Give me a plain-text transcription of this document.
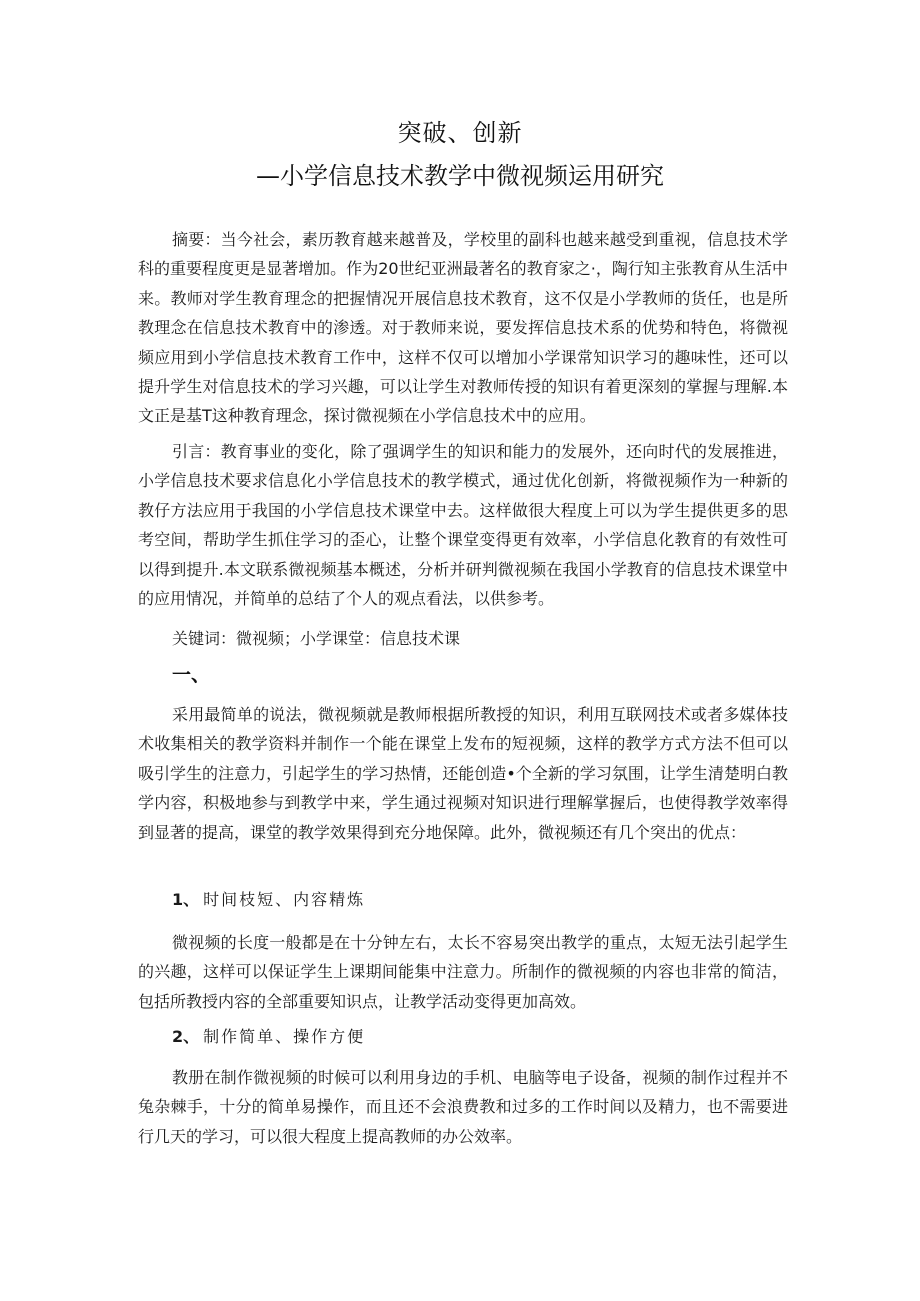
突破、创新
—小学信息技术教学中微视频运用研究

摘要：当今社会，素历教育越来越普及，学校里的副科也越来越受到重视，信息技术学科的重要程度更是显著增加。作为20世纪亚洲最著名的教育家之·，陶行知主张教育从生活中来。教师对学生教育理念的把握情况开展信息技术教育，这不仅是小学教师的货任，也是所教理念在信息技术教育中的渗透。对于教师来说，要发挥信息技术系的优势和特色，将微视频应用到小学信息技术教育工作中，这样不仅可以增加小学课常知识学习的趣味性，还可以提升学生对信息技术的学习兴趣，可以让学生对教师传授的知识有着更深刻的掌握与理解.本文正是基T这种教育理念，探讨微视频在小学信息技术中的应用。

引言：教育事业的变化，除了强调学生的知识和能力的发展外，还向时代的发展推进，小学信息技术要求信息化小学信息技术的教学模式，通过优化创新，将微视频作为一种新的教仔方法应用于我国的小学信息技术课堂中去。这样做很大程度上可以为学生提供更多的思考空间，帮助学生抓住学习的歪心，让整个课堂变得更有效率，小学信息化教育的有效性可以得到提升.本文联系微视频基本概述，分析并研判微视频在我国小学教育的信息技术课堂中的应用情况，并简单的总结了个人的观点看法，以供参考。

关键词：微视频；小学课堂：信息技术课

一、

采用最简单的说法，微视频就是教师根据所教授的知识，利用互联网技术或者多媒体技术收集相关的教学资料并制作一个能在课堂上发布的短视频，这样的教学方式方法不但可以吸引学生的注意力，引起学生的学习热情，还能创造•个全新的学习氛围，让学生清楚明白教学内容，积极地参与到教学中来，学生通过视频对知识进行理解掌握后，也使得教学效率得到显著的提高，课堂的教学效果得到充分地保障。此外，微视频还有几个突出的优点：

1、 时间枝短、内容精炼

微视频的长度一般都是在十分钟左右，太长不容易突出教学的重点，太短无法引起学生的兴趣，这样可以保证学生上课期间能集中注意力。所制作的微视频的内容也非常的简洁，包括所教授内容的全部重要知识点，让教学活动变得更加高效。

2、 制作简单、操作方便

教册在制作微视频的时候可以利用身边的手机、电脑等电子设备，视频的制作过程并不兔杂棘手，十分的简单易操作，而且还不会浪费教和过多的工作时间以及精力，也不需要进行几天的学习，可以很大程度上提高教师的办公效率。
